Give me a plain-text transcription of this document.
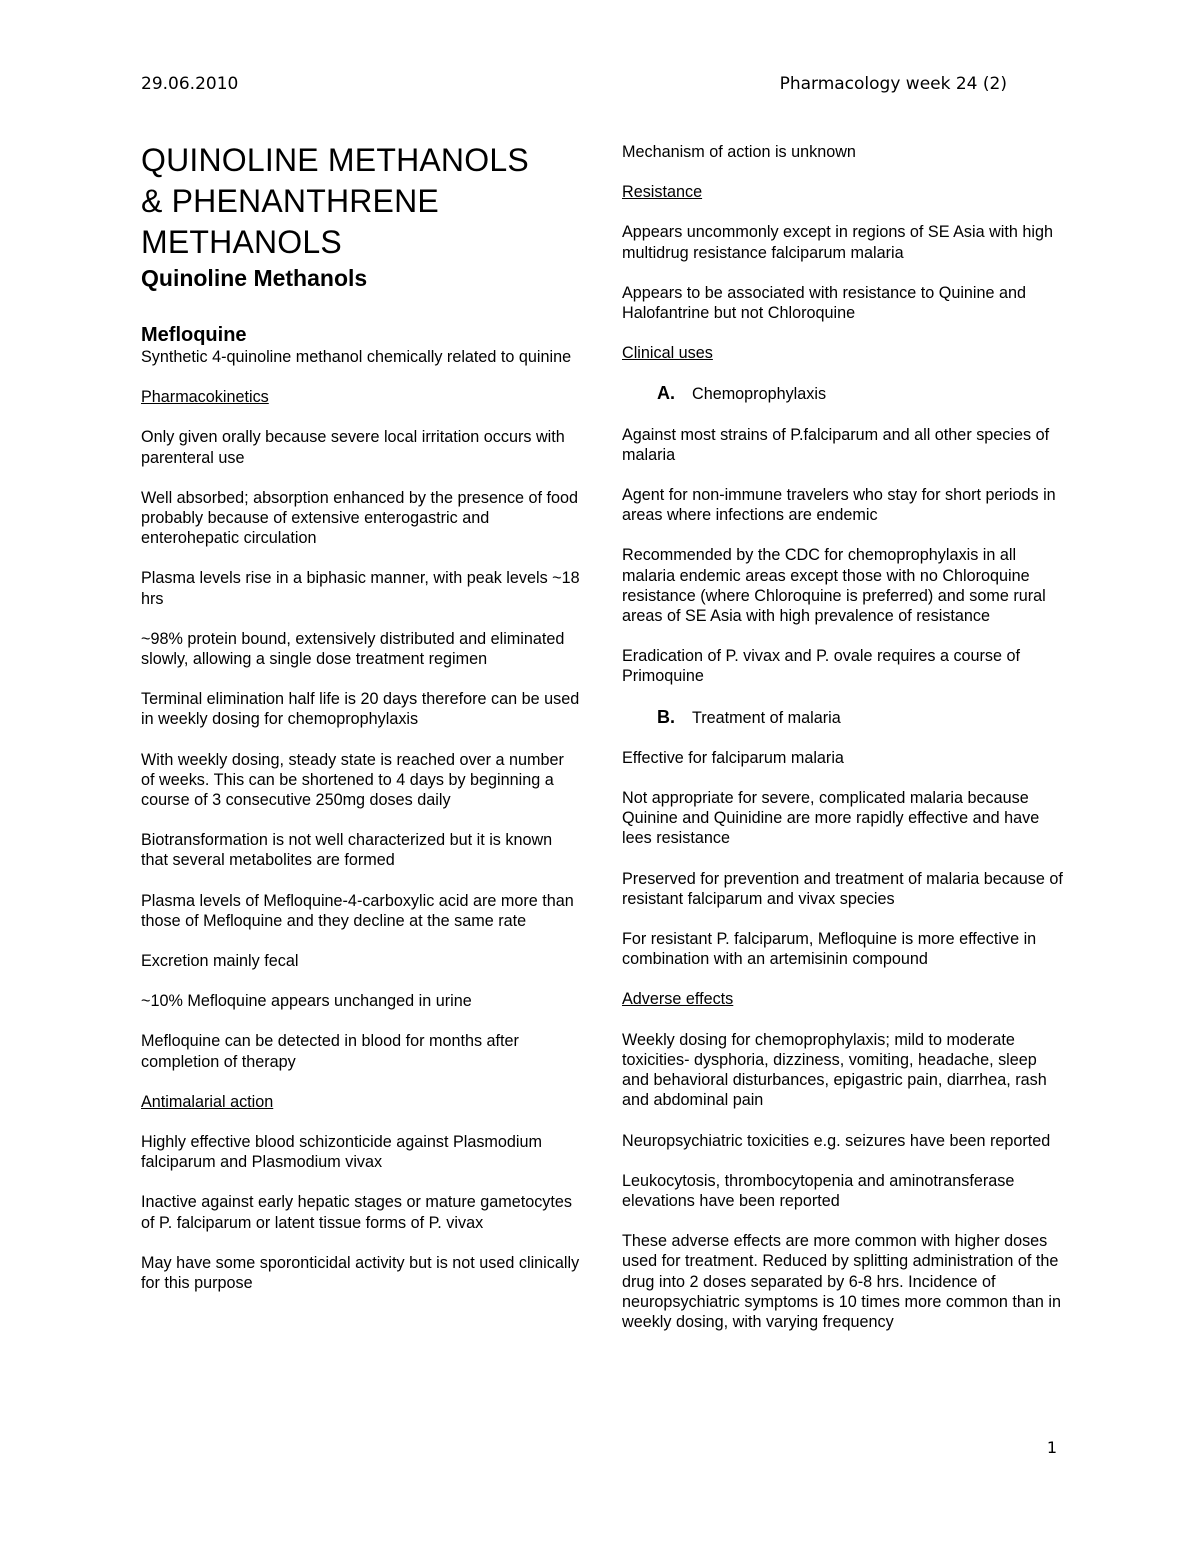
29.06.2010	Pharmacology week 24 (2)
QUINOLINE METHANOLS
& PHENANTHRENE
METHANOLS
Quinoline Methanols
Mefloquine

Synthetic 4-quinoline methanol chemically related to quinine

Pharmacokinetics

Only given orally because severe local irritation occurs with parenteral use

Well absorbed; absorption enhanced by the presence of food probably because of extensive enterogastric and enterohepatic circulation

Plasma levels rise in a biphasic manner, with peak levels ~18 hrs

~98% protein bound, extensively distributed and eliminated slowly, allowing a single dose treatment regimen

Terminal elimination half life is 20 days therefore can be used in weekly dosing for chemoprophylaxis

With weekly dosing, steady state is reached over a number of weeks. This can be shortened to 4 days by beginning a course of 3 consecutive 250mg doses daily

Biotransformation is not well characterized but it is known that several metabolites are formed

Plasma levels of Mefloquine-4-carboxylic acid are more than those of Mefloquine and they decline at the same rate

Excretion mainly fecal

~10% Mefloquine appears unchanged in urine

Mefloquine can be detected in blood for months after completion of therapy

Antimalarial action

Highly effective blood schizonticide against Plasmodium falciparum and Plasmodium vivax

Inactive against early hepatic stages or mature gametocytes of P. falciparum or latent tissue forms of P. vivax

May have some sporonticidal activity but is not used clinically for this purpose

Mechanism of action is unknown

Resistance

Appears uncommonly except in regions of SE Asia with high multidrug resistance falciparum malaria

Appears to be associated with resistance to Quinine and Halofantrine but not Chloroquine

Clinical uses

A.	Chemoprophylaxis

Against most strains of P.falciparum and all other species of malaria

Agent for non-immune travelers who stay for short periods in areas where infections are endemic

Recommended by the CDC for chemoprophylaxis in all malaria endemic areas except those with no Chloroquine resistance (where Chloroquine is preferred) and some rural areas of SE Asia with high prevalence of resistance

Eradication of P. vivax and P. ovale requires a course of Primoquine

B.	Treatment of malaria

Effective for falciparum malaria

Not appropriate for severe, complicated malaria because Quinine and Quinidine are more rapidly effective and have lees resistance

Preserved for prevention and treatment of malaria because of resistant falciparum and vivax species

For resistant P. falciparum, Mefloquine is more effective in combination with an artemisinin compound

Adverse effects

Weekly dosing for chemoprophylaxis; mild to moderate toxicities- dysphoria, dizziness, vomiting, headache, sleep and behavioral disturbances, epigastric pain, diarrhea, rash and abdominal pain

Neuropsychiatric toxicities e.g. seizures have been reported

Leukocytosis, thrombocytopenia and aminotransferase elevations have been reported

These adverse effects are more common with higher doses used for treatment. Reduced by splitting administration of the drug into 2 doses separated by 6-8 hrs. Incidence of neuropsychiatric symptoms is 10 times more common than in weekly dosing, with varying frequency

1
